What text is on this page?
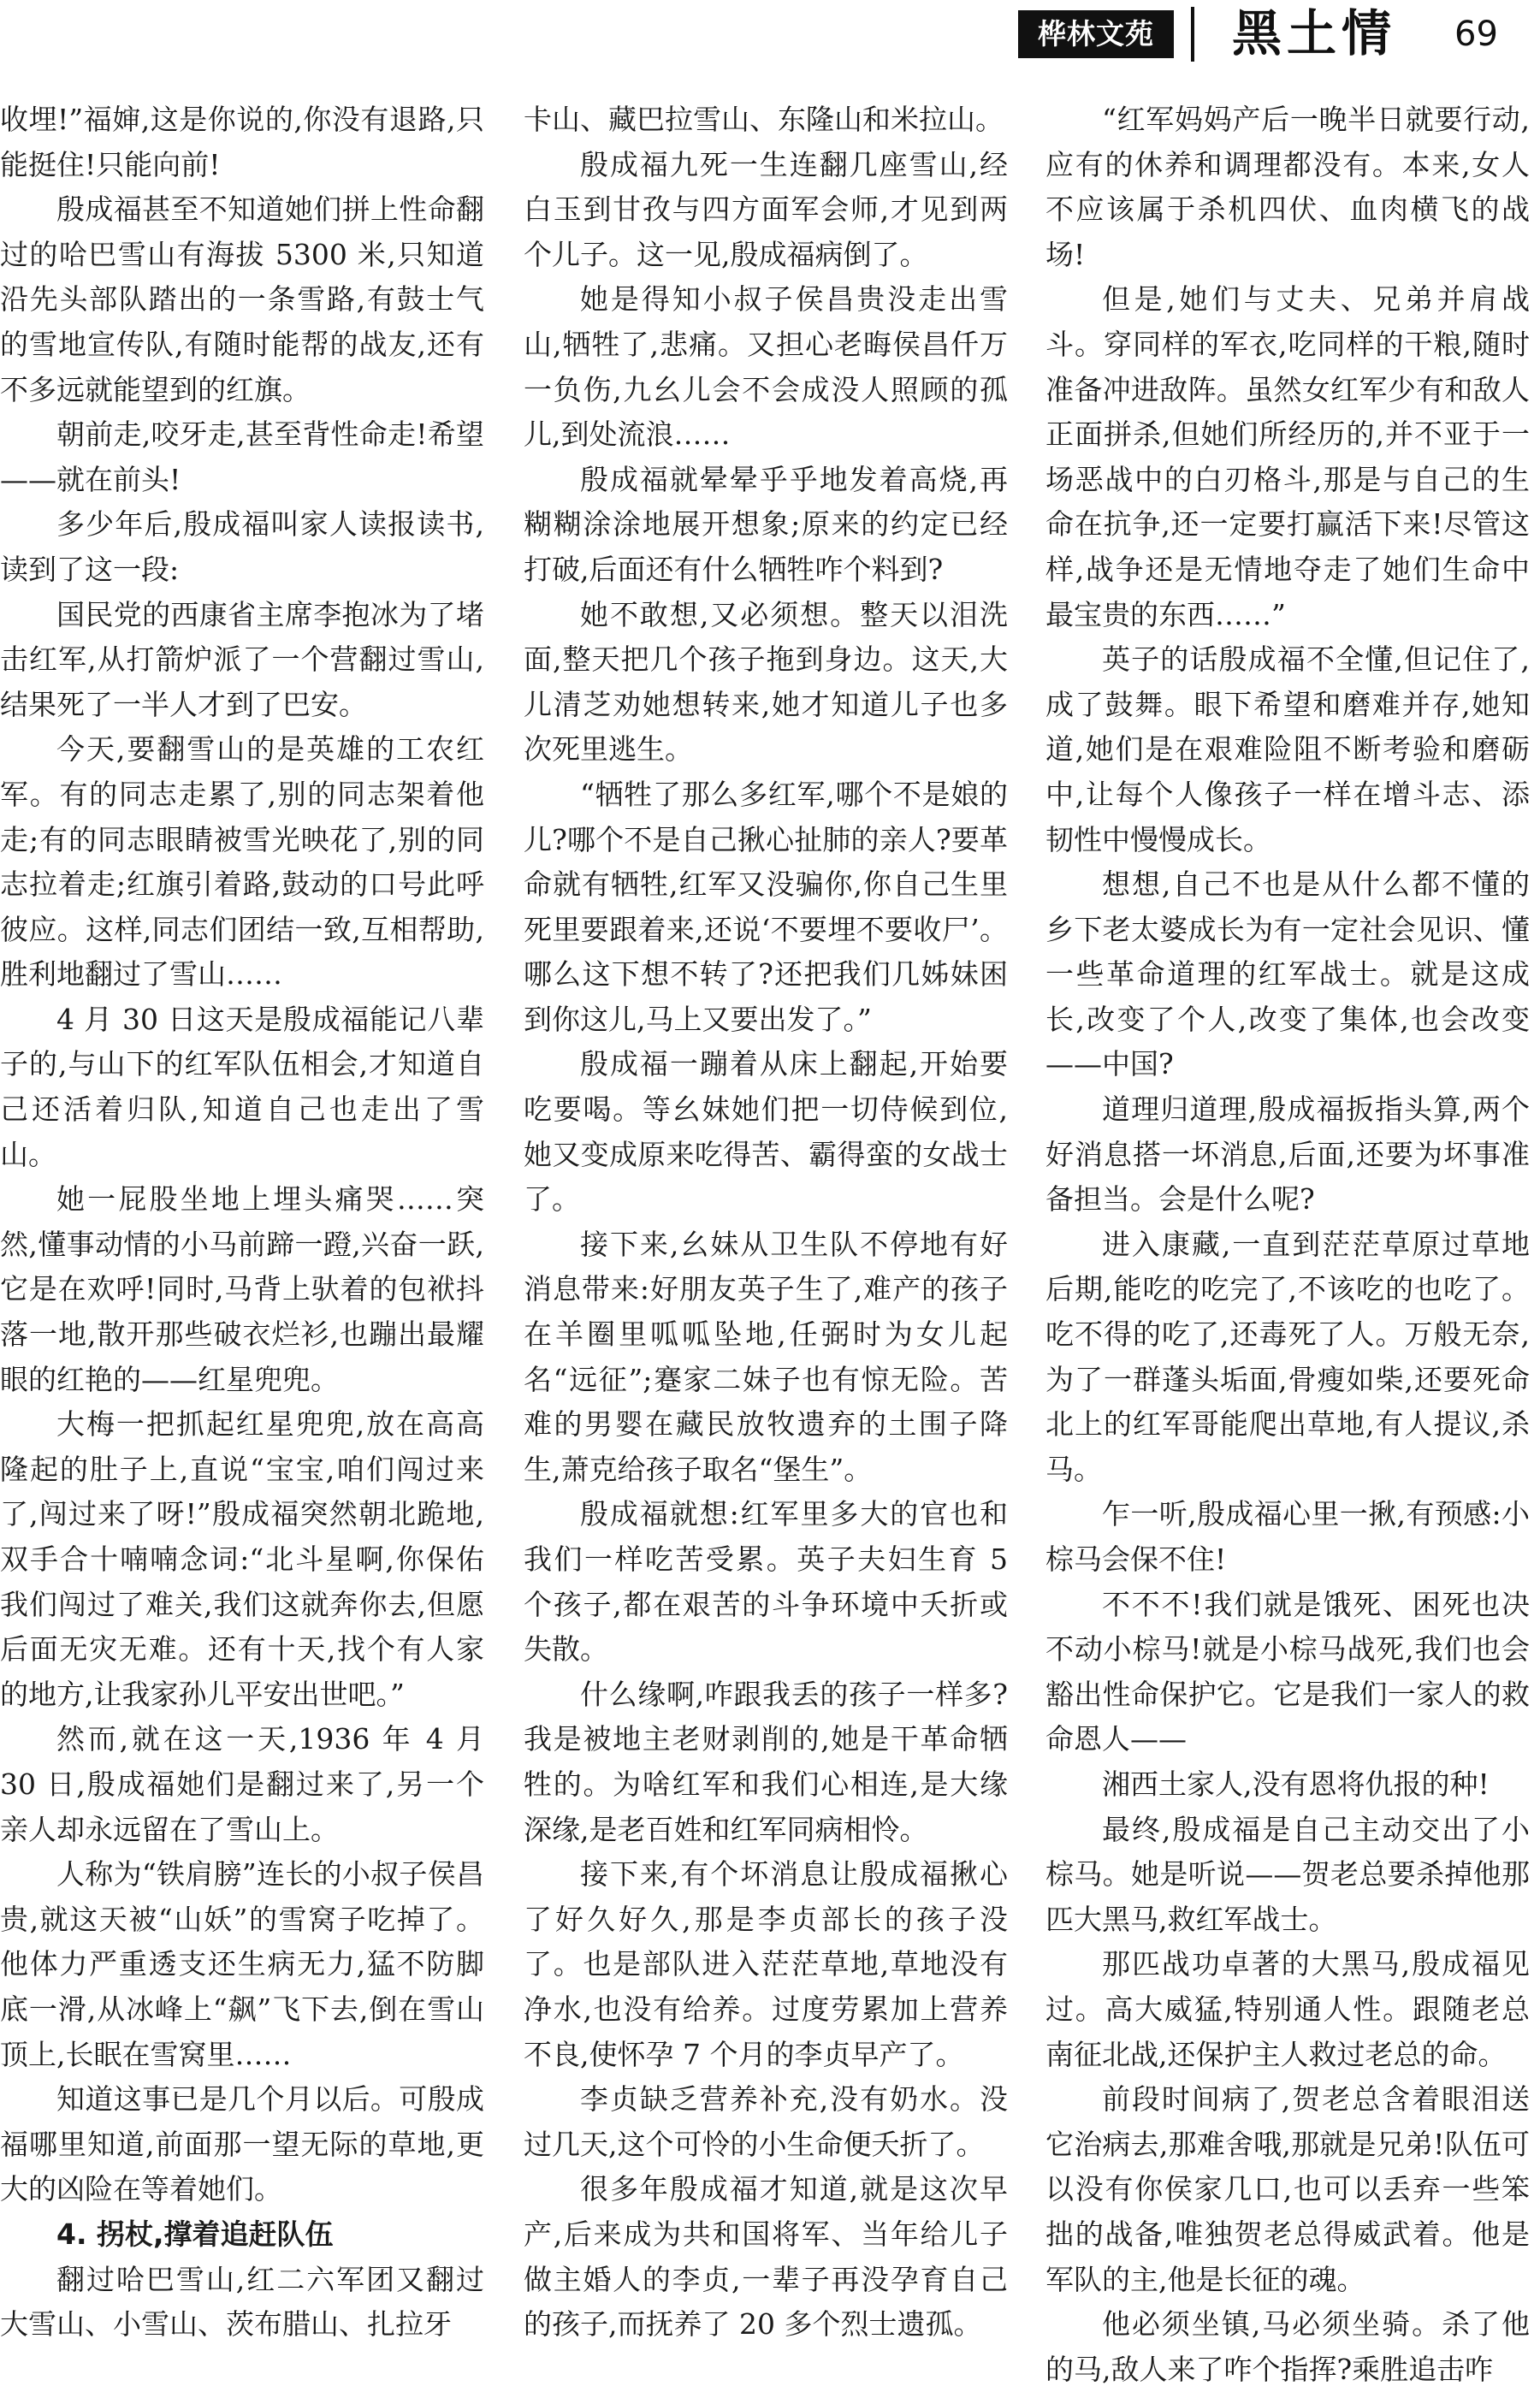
桦林文苑	黑土情 69

收埋!”福婶,这是你说的,你没有退路,只能挺住!只能向前!

殷成福甚至不知道她们拼上性命翻过的哈巴雪山有海拔 5300 米,只知道沿先头部队踏出的一条雪路,有鼓士气的雪地宣传队,有随时能帮的战友,还有不多远就能望到的红旗。

朝前走,咬牙走,甚至背性命走!希望——就在前头!

多少年后,殷成福叫家人读报读书,读到了这一段:

国民党的西康省主席李抱冰为了堵击红军,从打箭炉派了一个营翻过雪山,结果死了一半人才到了巴安。

今天,要翻雪山的是英雄的工农红军。有的同志走累了,别的同志架着他走;有的同志眼睛被雪光映花了,别的同志拉着走;红旗引着路,鼓动的口号此呼彼应。这样,同志们团结一致,互相帮助,胜利地翻过了雪山……

4 月 30 日这天是殷成福能记八辈子的,与山下的红军队伍相会,才知道自己还活着归队,知道自己也走出了雪山。

她一屁股坐地上埋头痛哭……突然,懂事动情的小马前蹄一蹬,兴奋一跃,它是在欢呼!同时,马背上驮着的包袱抖落一地,散开那些破衣烂衫,也蹦出最耀眼的红艳的——红星兜兜。

大梅一把抓起红星兜兜,放在高高隆起的肚子上,直说“宝宝,咱们闯过来了,闯过来了呀!”殷成福突然朝北跪地,双手合十喃喃念词:“北斗星啊,你保佑我们闯过了难关,我们这就奔你去,但愿后面无灾无难。还有十天,找个有人家的地方,让我家孙儿平安出世吧。”

然而,就在这一天,1936 年 4 月 30 日,殷成福她们是翻过来了,另一个亲人却永远留在了雪山上。

人称为“铁肩膀”连长的小叔子侯昌贵,就这天被“山妖”的雪窝子吃掉了。他体力严重透支还生病无力,猛不防脚底一滑,从冰峰上“飙”飞下去,倒在雪山顶上,长眠在雪窝里……

知道这事已是几个月以后。可殷成福哪里知道,前面那一望无际的草地,更大的凶险在等着她们。

4. 拐杖,撑着追赶队伍

翻过哈巴雪山,红二六军团又翻过大雪山、小雪山、茨布腊山、扎拉牙

卡山、藏巴拉雪山、东隆山和米拉山。

殷成福九死一生连翻几座雪山,经白玉到甘孜与四方面军会师,才见到两个儿子。这一见,殷成福病倒了。

她是得知小叔子侯昌贵没走出雪山,牺牲了,悲痛。又担心老晦侯昌仟万一负伤,九幺儿会不会成没人照顾的孤儿,到处流浪……

殷成福就晕晕乎乎地发着高烧,再糊糊涂涂地展开想象;原来的约定已经打破,后面还有什么牺牲咋个料到?

她不敢想,又必须想。整天以泪洗面,整天把几个孩子拖到身边。这天,大儿清芝劝她想转来,她才知道儿子也多次死里逃生。

“牺牲了那么多红军,哪个不是娘的儿?哪个不是自己揪心扯肺的亲人?要革命就有牺牲,红军又没骗你,你自己生里死里要跟着来,还说‘不要埋不要收尸’。哪么这下想不转了?还把我们几姊妹困到你这儿,马上又要出发了。”

殷成福一蹦着从床上翻起,开始要吃要喝。等幺妹她们把一切侍候到位,她又变成原来吃得苦、霸得蛮的女战士了。

接下来,幺妹从卫生队不停地有好消息带来:好朋友英子生了,难产的孩子在羊圈里呱呱坠地,任弼时为女儿起名“远征”;蹇家二妹子也有惊无险。苦难的男婴在藏民放牧遗弃的土围子降生,萧克给孩子取名“堡生”。

殷成福就想:红军里多大的官也和我们一样吃苦受累。英子夫妇生育 5 个孩子,都在艰苦的斗争环境中夭折或失散。

什么缘啊,咋跟我丢的孩子一样多?我是被地主老财剥削的,她是干革命牺牲的。为啥红军和我们心相连,是大缘深缘,是老百姓和红军同病相怜。

接下来,有个坏消息让殷成福揪心了好久好久,那是李贞部长的孩子没了。也是部队进入茫茫草地,草地没有净水,也没有给养。过度劳累加上营养不良,使怀孕 7 个月的李贞早产了。

李贞缺乏营养补充,没有奶水。没过几天,这个可怜的小生命便夭折了。

很多年殷成福才知道,就是这次早产,后来成为共和国将军、当年给儿子做主婚人的李贞,一辈子再没孕育自己的孩子,而抚养了 20 多个烈士遗孤。

“红军妈妈产后一晚半日就要行动,应有的休养和调理都没有。本来,女人不应该属于杀机四伏、血肉横飞的战场!

但是,她们与丈夫、兄弟并肩战斗。穿同样的军衣,吃同样的干粮,随时准备冲进敌阵。虽然女红军少有和敌人正面拼杀,但她们所经历的,并不亚于一场恶战中的白刃格斗,那是与自己的生命在抗争,还一定要打赢活下来!尽管这样,战争还是无情地夺走了她们生命中最宝贵的东西……”

英子的话殷成福不全懂,但记住了,成了鼓舞。眼下希望和磨难并存,她知道,她们是在艰难险阻不断考验和磨砺中,让每个人像孩子一样在增斗志、添韧性中慢慢成长。

想想,自己不也是从什么都不懂的乡下老太婆成长为有一定社会见识、懂一些革命道理的红军战士。就是这成长,改变了个人,改变了集体,也会改变——中国?

道理归道理,殷成福扳指头算,两个好消息搭一坏消息,后面,还要为坏事准备担当。会是什么呢?

进入康藏,一直到茫茫草原过草地后期,能吃的吃完了,不该吃的也吃了。吃不得的吃了,还毒死了人。万般无奈,为了一群蓬头垢面,骨瘦如柴,还要死命北上的红军哥能爬出草地,有人提议,杀马。

乍一听,殷成福心里一揪,有预感:小棕马会保不住!

不不不!我们就是饿死、困死也决不动小棕马!就是小棕马战死,我们也会豁出性命保护它。它是我们一家人的救命恩人——

湘西土家人,没有恩将仇报的种!

最终,殷成福是自己主动交出了小棕马。她是听说——贺老总要杀掉他那匹大黑马,救红军战士。

那匹战功卓著的大黑马,殷成福见过。高大威猛,特别通人性。跟随老总南征北战,还保护主人救过老总的命。

前段时间病了,贺老总含着眼泪送它治病去,那难舍哦,那就是兄弟!队伍可以没有你侯家几口,也可以丢弃一些笨拙的战备,唯独贺老总得威武着。他是军队的主,他是长征的魂。

他必须坐镇,马必须坐骑。杀了他的马,敌人来了咋个指挥?乘胜追击咋
